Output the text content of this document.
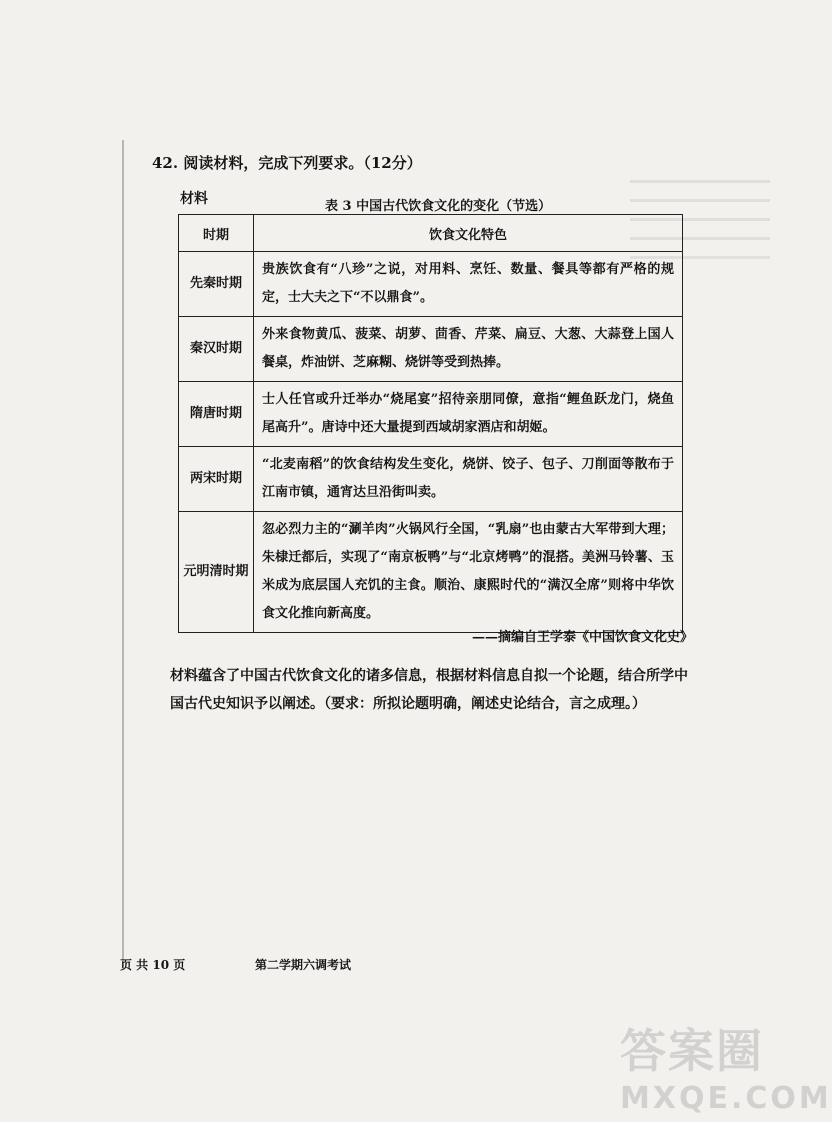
42. 阅读材料，完成下列要求。（12分）
材料	表 3 中国古代饮食文化的变化（节选）
时期	饮食文化特色
先秦时期	贵族饮食有“八珍”之说，对用料、烹饪、数量、餐具等都有严格的规定，士大夫之下“不以鼎食”。
秦汉时期	外来食物黄瓜、菠菜、胡萝、茴香、芹菜、扁豆、大葱、大蒜登上国人餐桌，炸油饼、芝麻糊、烧饼等受到热捧。
隋唐时期	士人任官或升迁举办“烧尾宴”招待亲朋同僚，意指“鲤鱼跃龙门，烧鱼尾高升”。唐诗中还大量提到西域胡家酒店和胡姬。
两宋时期	“北麦南稻”的饮食结构发生变化，烧饼、饺子、包子、刀削面等散布于江南市镇，通宵达旦沿街叫卖。
元明清时期	忽必烈力主的“涮羊肉”火锅风行全国，“乳扇”也由蒙古大军带到大理；朱棣迁都后，实现了“南京板鸭”与“北京烤鸭”的混搭。美洲马铃薯、玉米成为底层国人充饥的主食。顺治、康熙时代的“满汉全席”则将中华饮食文化推向新高度。
——摘编自王学泰《中国饮食文化史》
材料蕴含了中国古代饮食文化的诸多信息，根据材料信息自拟一个论题，结合所学中国古代史知识予以阐述。（要求：所拟论题明确，阐述史论结合，言之成理。）
页 共 10 页	第二学期六调考试
答案圈
MXQE.COM
